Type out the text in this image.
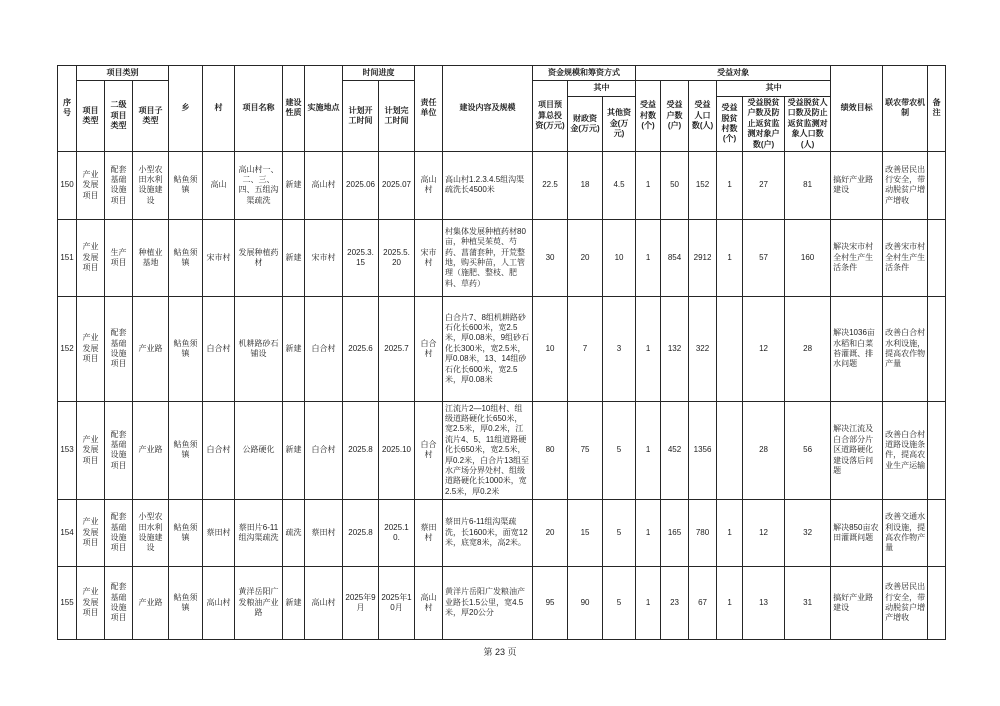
序号	项目类别			乡	村	项目名称	建设性质	实施地点	时间进度		责任单位	建设内容及规模	资金规模和筹资方式			受益对象						绩效目标	联农带农机制	备注
	项目类型	二级项目类型	项目子类型						计划开工时间	计划完工时间			项目预算总投资(万元)	其中		受益村数(个)	受益户数(户)	受益人口数(人)	其中					
														财政资金(万元)	其他资金(万元)				受益脱贫村数(个)	受益脱贫户数及防止返贫监测对象户数(户)	受益脱贫人口数及防止返贫监测对象人口数(人)			
150	产业发展项目	配套基础设施项目	小型农田水利设施建设	鲇鱼须镇	高山	高山村一、二、三、四、五组沟渠疏洗	新建	高山村	2025.06	2025.07	高山村	高山村1.2.3.4.5组沟渠疏洗长4500米	22.5	18	4.5	1	50	152	1	27	81	搞好产业路建设	改善居民出行安全，带动脱贫户增产增收	
151	产业发展项目	生产项目	种植业基地	鲇鱼须镇	宋市村	发展种植药材	新建	宋市村	2025.3.15	2025.5.20	宋市村	村集体发展种植药材80亩，种植吴茱萸、芍药、菖蒲套种，开荒整地，购买种苗，人工管理（施肥、整枝、肥料、草药）	30	20	10	1	854	2912	1	57	160	解决宋市村全村生产生活条件	改善宋市村全村生产生活条件	
152	产业发展项目	配套基础设施项目	产业路	鲇鱼须镇	白合村	机耕路砂石铺设	新建	白合村	2025.6	2025.7	白合村	白合片7、8组机耕路砂石化长600米，宽2.5米，厚0.08米，9组砂石化长300米，宽2.5米，厚0.08米，13、14组砂石化长600米，宽2.5米，厚0.08米	10	7	3	1	132	322		12	28	解决1036亩水稻和白菜苔灌溉、排水问题	改善白合村水利设施，提高农作物产量	
153	产业发展项目	配套基础设施项目	产业路	鲇鱼须镇	白合村	公路硬化	新建	白合村	2025.8	2025.10	白合村	江流片2—10组村、组级道路硬化长650米，宽2.5米，厚0.2米，江流片4、5、11组道路硬化长650米，宽2.5米，厚0.2米，白合片13组至水产场分界处村、组级道路硬化长1000米，宽2.5米，厚0.2米	80	75	5	1	452	1356		28	56	解决江流及白合部分片区道路硬化建设落后问题	改善白合村道路设施条件，提高农业生产运输	
154	产业发展项目	配套基础设施项目	小型农田水利设施建设	鲇鱼须镇	蔡田村	蔡田片6-11组沟渠疏洗	疏洗	蔡田村	2025.8	2025.10.	蔡田村	蔡田片6-11组沟渠疏洗，长1600米，面宽12米，底宽8米，高2米。	20	15	5	1	165	780	1	12	32	解决850亩农田灌溉问题	改善交通水利设施，提高农作物产量	
155	产业发展项目	配套基础设施项目	产业路	鲇鱼须镇	高山村	黄洋岳阳广发粮油产业路	新建	高山村	2025年9月	2025年10月	高山村	黄洋片岳阳广发粮油产业路长1.5公里，宽4.5米，厚20公分	95	90	5	1	23	67	1	13	31	搞好产业路建设	改善居民出行安全，带动脱贫户增产增收	
第 23 页
